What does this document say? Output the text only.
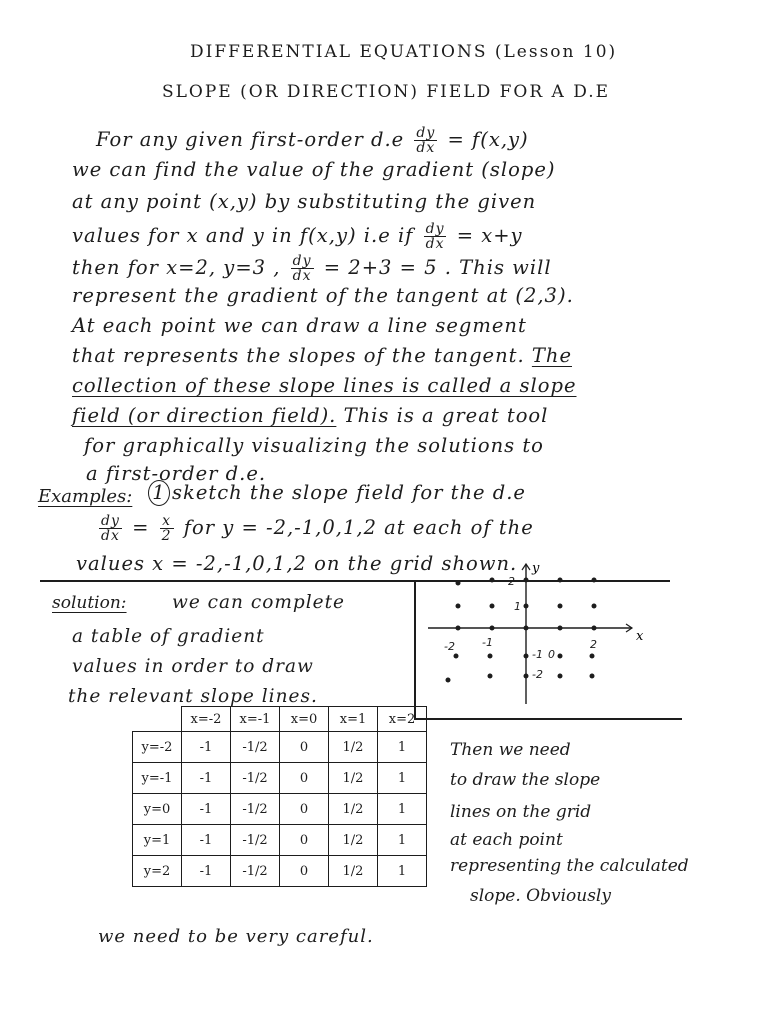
DIFFERENTIAL EQUATIONS (Lesson 10)
SLOPE (OR DIRECTION) FIELD FOR A D.E
For any given first-order $d.e \frac{dy}{dx} = f(x,y)$
we can find the value of the gradient (slope)
at any point (x,y) by substituting the given
values for x and y in f(x,y) i.e if $\frac{dy}{dx} = x+y$
then for x=2, y=3 , $\frac{dy}{dx} = 2+3 = 5$ . This will
represent the gradient of the tangent at (2,3).
At each point we can draw a line segment
that represents the slopes of the tangent. The
collection of these slope lines is called a slope
field (or direction field). This is a great tool
for graphically visualizing the solutions to
a first-order d.e.
Examples: 1 sketch the slope field for the d.e
$\frac{dy}{dx} = \frac{x}{2}$ for y = -2,-1,0,1,2 at each of the
values x = -2,-1,0,1,2 on the grid shown.
solution: we can complete
a table of gradient
values in order to draw
the relevant slope lines.
x
y
2
1
-2 -1	2
-1 0
-2
	x=-2	x=-1	x=0	x=1	x=2
y=-2	-1	-1/2	0	1/2	1
y=-1	-1	-1/2	0	1/2	1
y=0	-1	-1/2	0	1/2	1
y=1	-1	-1/2	0	1/2	1
y=2	-1	-1/2	0	1/2	1
Then we need
to draw the slope
lines on the grid
at each point
representing the calculated
slope. Obviously
we need to be very careful.
